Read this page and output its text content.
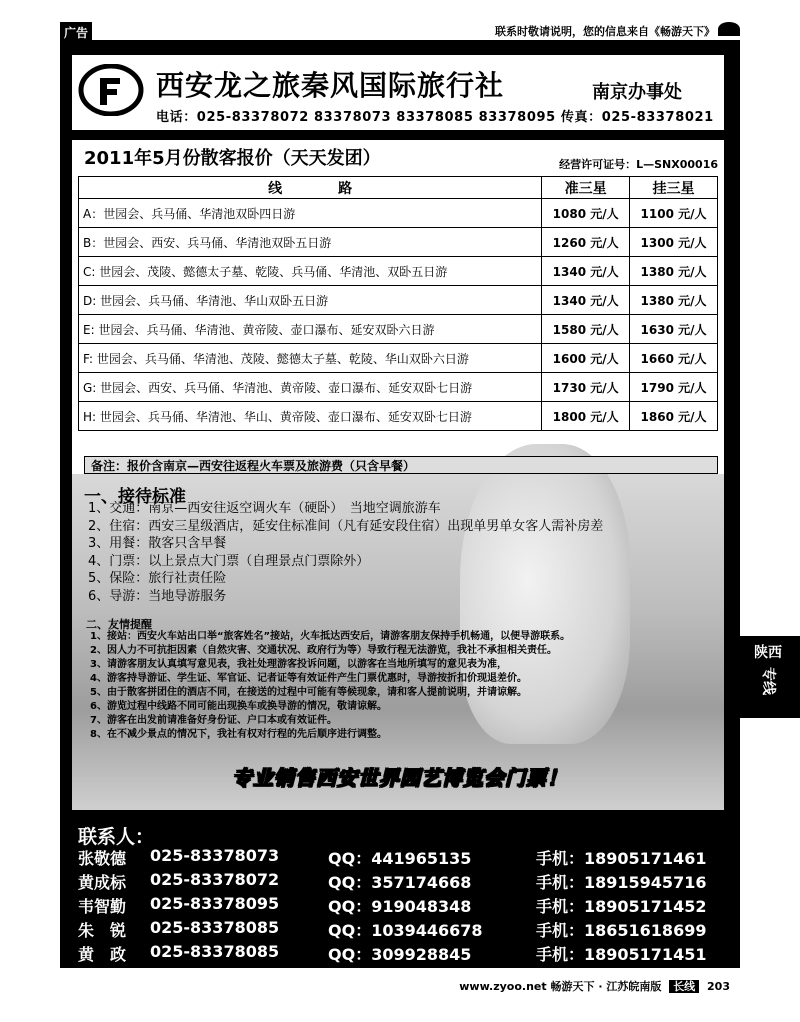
广告	联系时敬请说明，您的信息来自《畅游天下》
西安龙之旅秦风国际旅行社	南京办事处
电话：025-83378072 83378073 83378085 83378095 传真：025-83378021
2011年5月份散客报价（天天发团）	经营许可证号：L—SNX00016
线　　　　路	准三星	挂三星
A：世园会、兵马俑、华清池双卧四日游	1080 元/人	1100 元/人
B：世园会、西安、兵马俑、华清池双卧五日游	1260 元/人	1300 元/人
C: 世园会、茂陵、懿德太子墓、乾陵、兵马俑、华清池、双卧五日游	1340 元/人	1380 元/人
D: 世园会、兵马俑、华清池、华山双卧五日游	1340 元/人	1380 元/人
E: 世园会、兵马俑、华清池、黄帝陵、壶口瀑布、延安双卧六日游	1580 元/人	1630 元/人
F: 世园会、兵马俑、华清池、茂陵、懿德太子墓、乾陵、华山双卧六日游	1600 元/人	1660 元/人
G: 世园会、西安、兵马俑、华清池、黄帝陵、壶口瀑布、延安双卧七日游	1730 元/人	1790 元/人
H: 世园会、兵马俑、华清池、华山、黄帝陵、壶口瀑布、延安双卧七日游	1800 元/人	1860 元/人
备注：报价含南京—西安往返程火车票及旅游费（只含早餐）
一、接待标准
1、交通：南京—西安往返空调火车（硬卧）　当地空调旅游车
2、住宿：西安三星级酒店，延安住标准间（凡有延安段住宿）出现单男单女客人需补房差
3、用餐：散客只含早餐
4、门票：以上景点大门票（自理景点门票除外）
5、保险：旅行社责任险
6、导游：当地导游服务
二、友情提醒
1、接站：西安火车站出口举“旅客姓名”接站，火车抵达西安后，请游客朋友保持手机畅通，以便导游联系。
2、因人力不可抗拒因素（自然灾害、交通状况、政府行为等）导致行程无法游览，我社不承担相关责任。
3、请游客朋友认真填写意见表，我社处理游客投诉问题，以游客在当地所填写的意见表为准，
4、游客持导游证、学生证、军官证、记者证等有效证件产生门票优惠时，导游按折扣价现退差价。
5、由于散客拼团住的酒店不同，在接送的过程中可能有等候现象，请和客人提前说明，并请谅解。
6、游览过程中线路不同可能出现换车或换导游的情况，敬请谅解。
7、游客在出发前请准备好身份证、户口本或有效证件。
8、在不减少景点的情况下，我社有权对行程的先后顺序进行调整。
专业销售西安世界园艺博览会门票！
联系人：
张敬德	025-83378073	QQ：441965135	手机：18905171461
黄成标	025-83378072	QQ：357174668	手机：18915945716
韦智勤	025-83378095	QQ：919048348	手机：18905171452
朱　锐	025-83378085	QQ：1039446678	手机：18651618699
黄　政	025-83378085	QQ：309928845	手机：18905171451
陕西
专线
www.zyoo.net 畅游天下 · 江苏皖南版 长线 203
